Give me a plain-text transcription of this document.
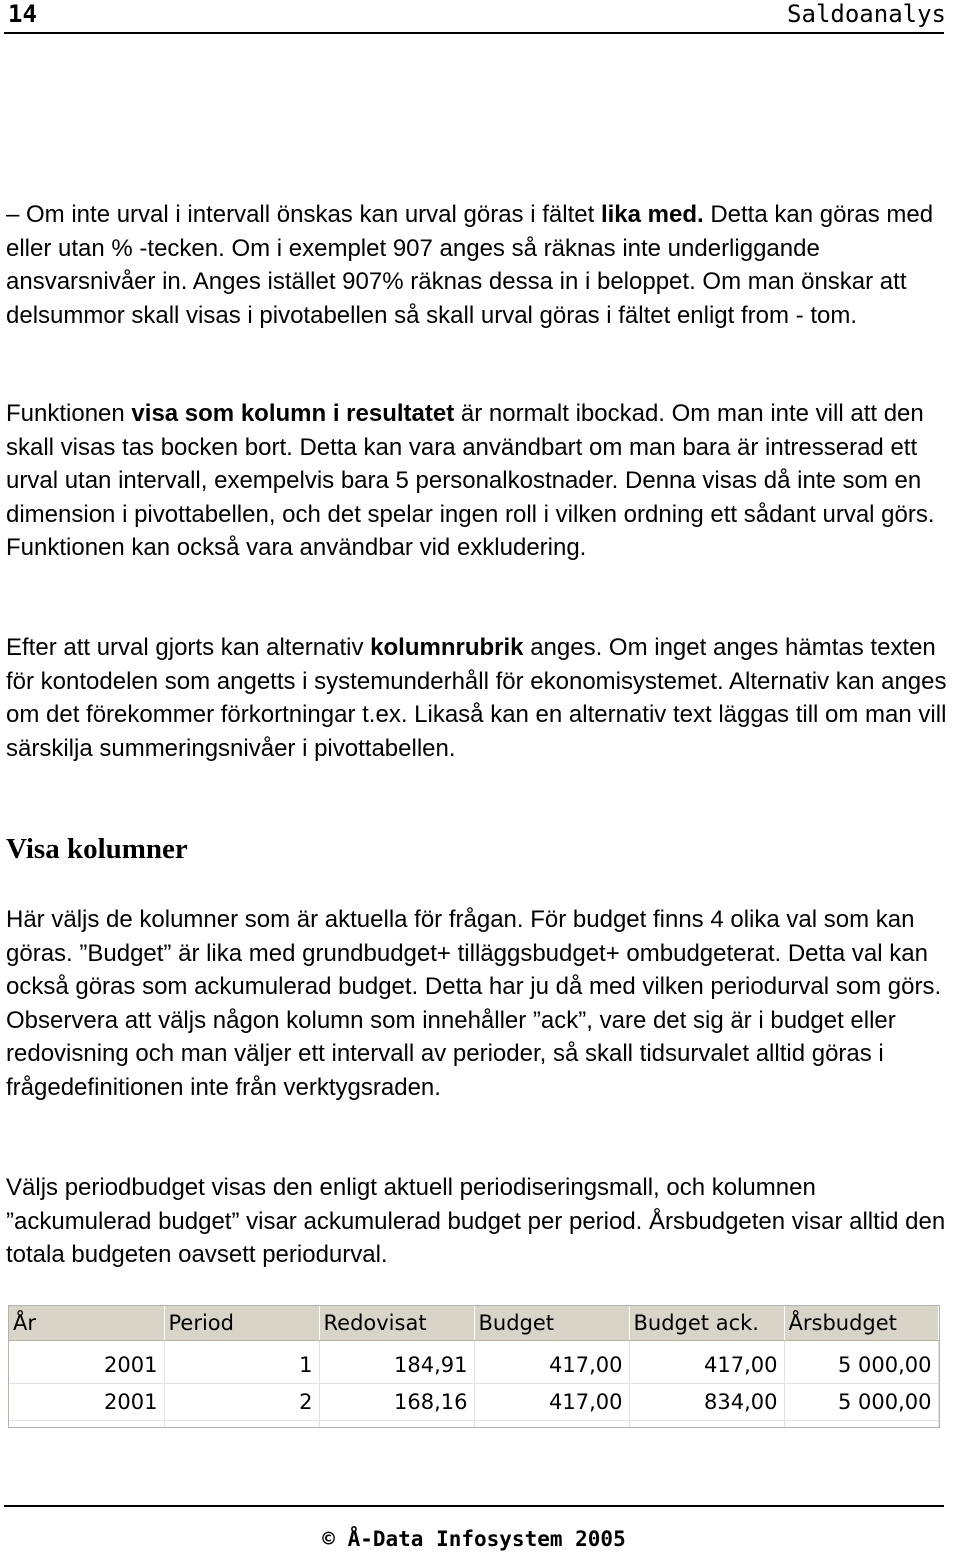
14	Saldoanalys

– Om inte urval i intervall önskas kan urval göras i fältet lika med. Detta kan göras med eller utan % -tecken. Om i exemplet 907 anges så räknas inte underliggande ansvarsnivåer in. Anges istället 907% räknas dessa in i beloppet. Om man önskar att delsummor skall visas i pivotabellen så skall urval göras i fältet enligt from - tom.

Funktionen visa som kolumn i resultatet är normalt ibockad. Om man inte vill att den skall visas tas bocken bort. Detta kan vara användbart om man bara är intresserad ett urval utan intervall, exempelvis bara 5 personalkostnader. Denna visas då inte som en dimension i pivottabellen, och det spelar ingen roll i vilken ordning ett sådant urval görs. Funktionen kan också vara användbar vid exkludering.

Efter att urval gjorts kan alternativ kolumnrubrik anges. Om inget anges hämtas texten för kontodelen som angetts i systemunderhåll för ekonomisystemet. Alternativ kan anges om det förekommer förkortningar t.ex. Likaså kan en alternativ text läggas till om man vill särskilja summeringsnivåer i pivottabellen.

Visa kolumner

Här väljs de kolumner som är aktuella för frågan. För budget finns 4 olika val som kan göras. ”Budget” är lika med grundbudget+ tilläggsbudget+ ombudgeterat. Detta val kan också göras som ackumulerad budget. Detta har ju då med vilken periodurval som görs. Observera att väljs någon kolumn som innehåller ”ack”, vare det sig är i budget eller redovisning och man väljer ett intervall av perioder, så skall tidsurvalet alltid göras i frågedefinitionen inte från verktygsraden.

Väljs periodbudget visas den enligt aktuell periodiseringsmall, och kolumnen ”ackumulerad budget” visar ackumulerad budget per period. Årsbudgeten visar alltid den totala budgeten oavsett periodurval.

År	Period	Redovisat	Budget	Budget ack.	Årsbudget

2001	1	184,91	417,00	417,00	5 000,00
2001	2	168,16	417,00	834,00	5 000,00

© Å-Data Infosystem 2005
